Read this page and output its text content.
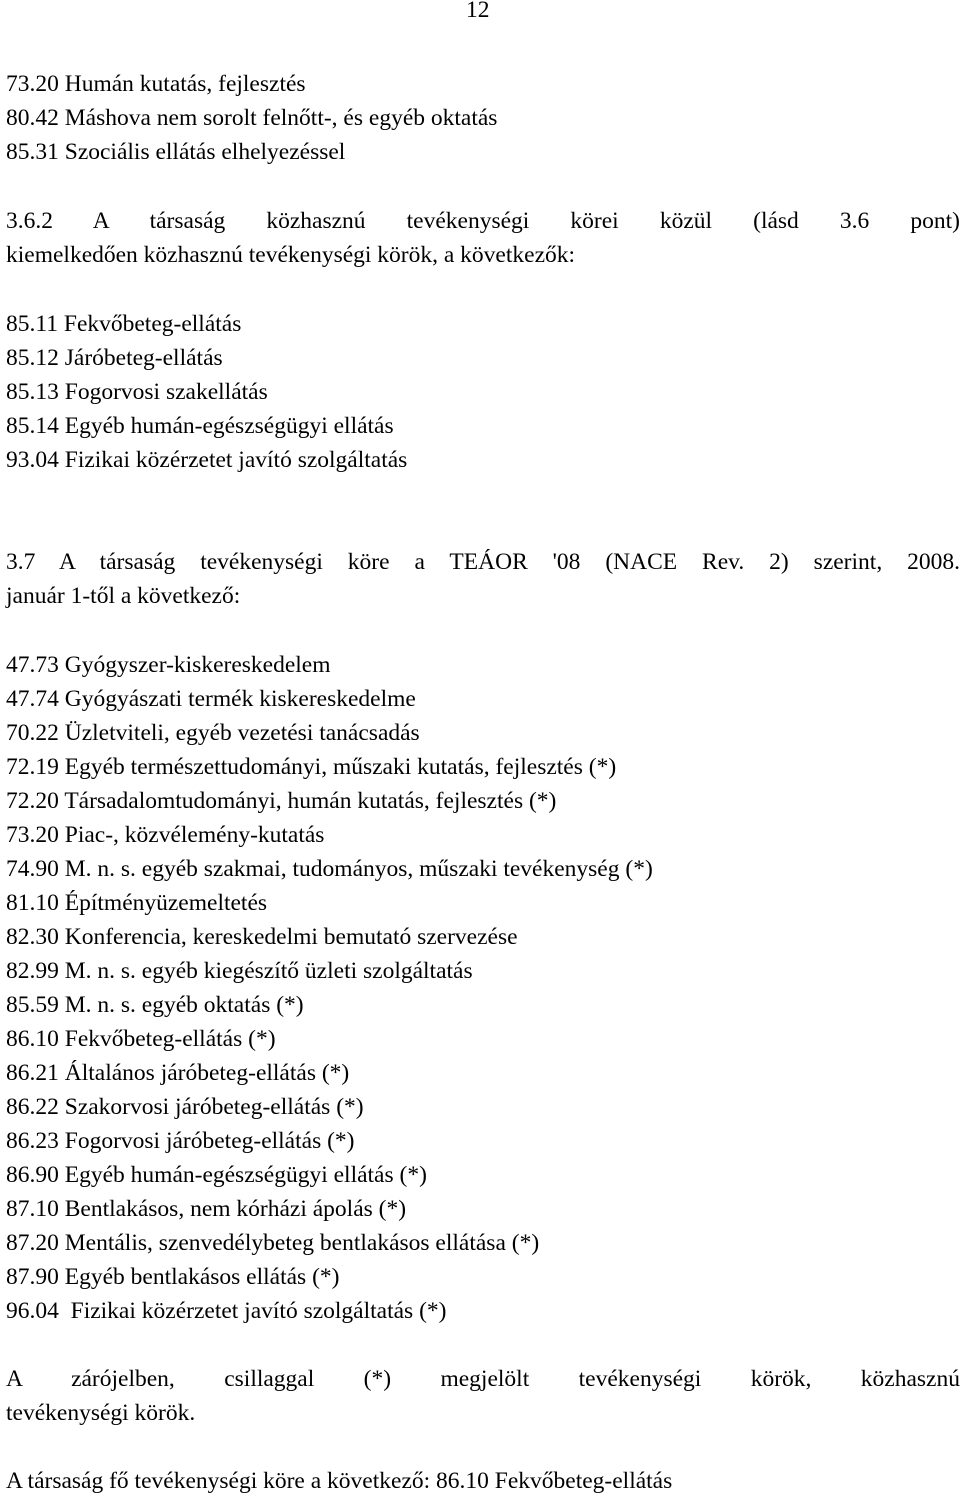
12
73.20 Humán kutatás, fejlesztés
80.42 Máshova nem sorolt felnőtt-, és egyéb oktatás
85.31 Szociális ellátás elhelyezéssel
3.6.2 A társaság közhasznú tevékenységi körei közül (lásd 3.6 pont)
kiemelkedően közhasznú tevékenységi körök, a következők:
85.11 Fekvőbeteg-ellátás
85.12 Járóbeteg-ellátás
85.13 Fogorvosi szakellátás
85.14 Egyéb humán-egészségügyi ellátás
93.04 Fizikai közérzetet javító szolgáltatás
3.7 A társaság tevékenységi köre a TEÁOR '08 (NACE Rev. 2) szerint, 2008.
január 1-től a következő:
47.73 Gyógyszer-kiskereskedelem
47.74 Gyógyászati termék kiskereskedelme
70.22 Üzletviteli, egyéb vezetési tanácsadás
72.19 Egyéb természettudományi, műszaki kutatás, fejlesztés (*)
72.20 Társadalomtudományi, humán kutatás, fejlesztés (*)
73.20 Piac-, közvélemény-kutatás
74.90 M. n. s. egyéb szakmai, tudományos, műszaki tevékenység (*)
81.10 Építményüzemeltetés
82.30 Konferencia, kereskedelmi bemutató szervezése
82.99 M. n. s. egyéb kiegészítő üzleti szolgáltatás
85.59 M. n. s. egyéb oktatás (*)
86.10 Fekvőbeteg-ellátás (*)
86.21 Általános járóbeteg-ellátás (*)
86.22 Szakorvosi járóbeteg-ellátás (*)
86.23 Fogorvosi járóbeteg-ellátás (*)
86.90 Egyéb humán-egészségügyi ellátás (*)
87.10 Bentlakásos, nem kórházi ápolás (*)
87.20 Mentális, szenvedélybeteg bentlakásos ellátása (*)
87.90 Egyéb bentlakásos ellátás (*)
96.04  Fizikai közérzetet javító szolgáltatás (*)
A zárójelben, csillaggal (*) megjelölt tevékenységi körök, közhasznú
tevékenységi körök.
A társaság fő tevékenységi köre a következő: 86.10 Fekvőbeteg-ellátás
